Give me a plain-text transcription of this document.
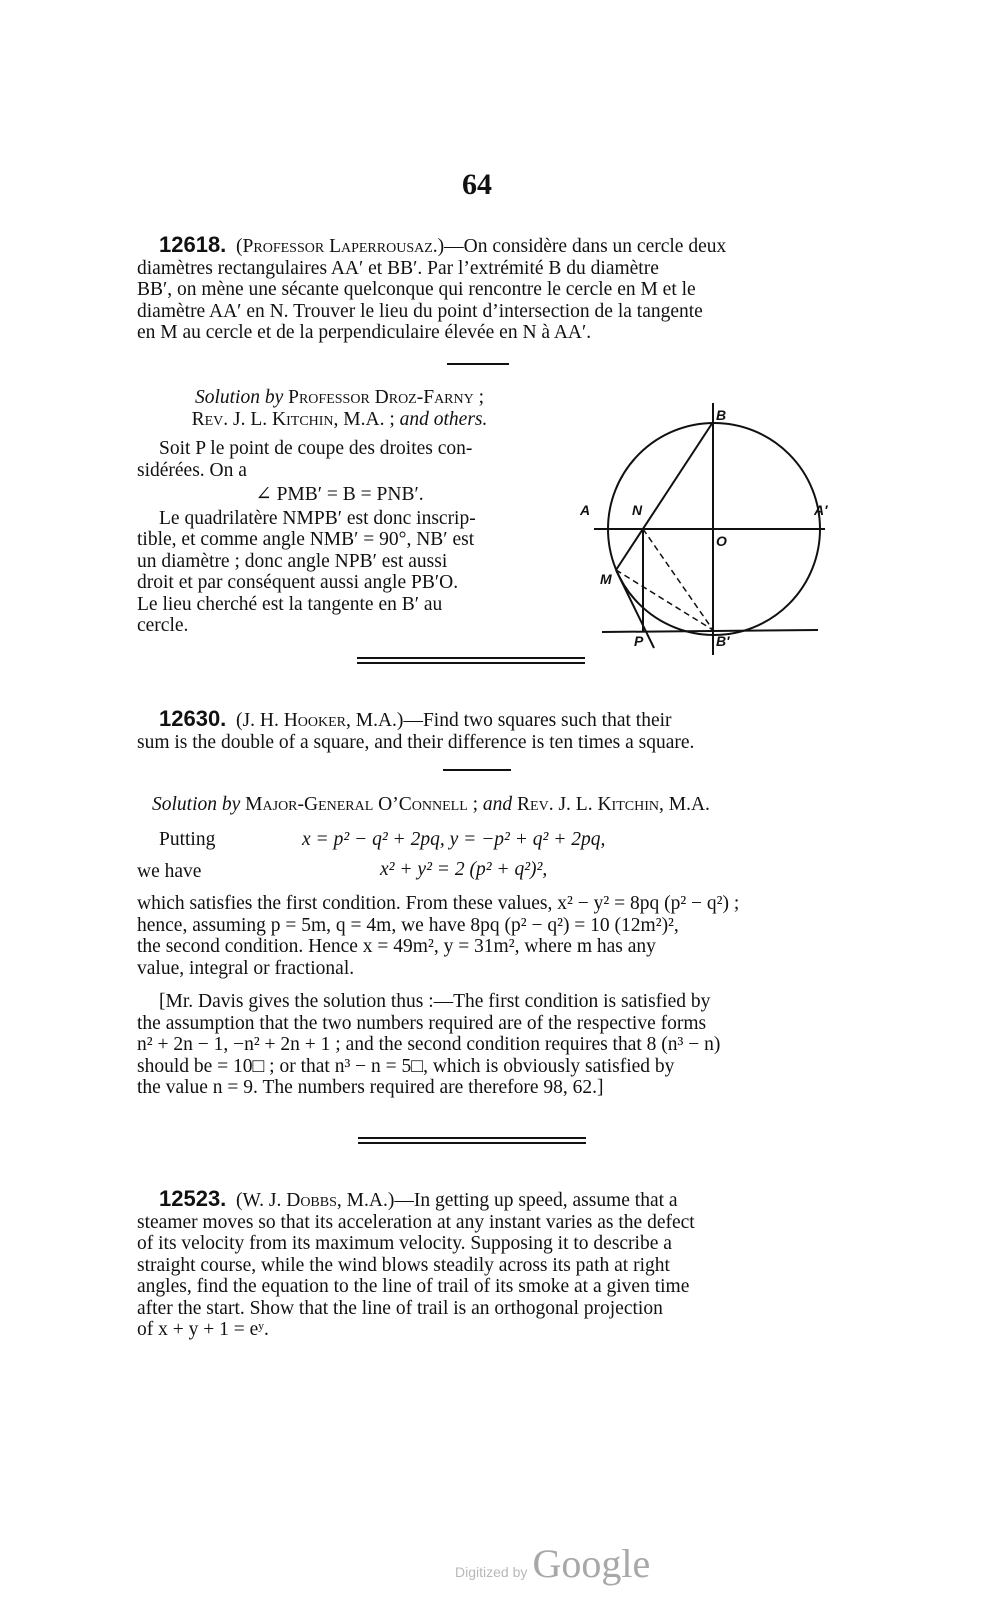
64
12618. (Professor Laperrousaz.)—On considère dans un cercle deux
diamètres rectangulaires AA′ et BB′. Par l’extrémité B du diamètre
BB′, on mène une sécante quelconque qui rencontre le cercle en M et le
diamètre AA′ en N. Trouver le lieu du point d’intersection de la tangente
en M au cercle et de la perpendiculaire élevée en N à AA′.
Solution by Professor Droz-Farny ;
Rev. J. L. Kitchin, M.A. ; and others.
Soit P le point de coupe des droites con-
sidérées. On a
∠ PMB′ = B = PNB′.
Le quadrilatère NMPB′ est donc inscrip-
tible, et comme angle NMB′ = 90°, NB′ est
un diamètre ; donc angle NPB′ est aussi
droit et par conséquent aussi angle PB′O.
Le lieu cherché est la tangente en B′ au
cercle.
A	A′
B
B′
N
O
M
P
12630. (J. H. Hooker, M.A.)—Find two squares such that their
sum is the double of a square, and their difference is ten times a square.
Solution by Major-General O’Connell ; and Rev. J. L. Kitchin, M.A.
Putting	x = p² − q² + 2pq, y = −p² + q² + 2pq,
we have	x² + y² = 2 (p² + q²)²,
which satisfies the first condition. From these values, x² − y² = 8pq (p² − q²) ;
hence, assuming p = 5m, q = 4m, we have 8pq (p² − q²) = 10 (12m²)²,
the second condition. Hence x = 49m², y = 31m², where m has any
value, integral or fractional.
[Mr. Davis gives the solution thus :—The first condition is satisfied by
the assumption that the two numbers required are of the respective forms
n² + 2n − 1, −n² + 2n + 1 ; and the second condition requires that 8 (n³ − n)
should be = 10□ ; or that n³ − n = 5□, which is obviously satisfied by
the value n = 9. The numbers required are therefore 98, 62.]
12523. (W. J. Dobbs, M.A.)—In getting up speed, assume that a
steamer moves so that its acceleration at any instant varies as the defect
of its velocity from its maximum velocity. Supposing it to describe a
straight course, while the wind blows steadily across its path at right
angles, find the equation to the line of trail of its smoke at a given time
after the start. Show that the line of trail is an orthogonal projection
of x + y + 1 = eʸ.
Digitized by Google
